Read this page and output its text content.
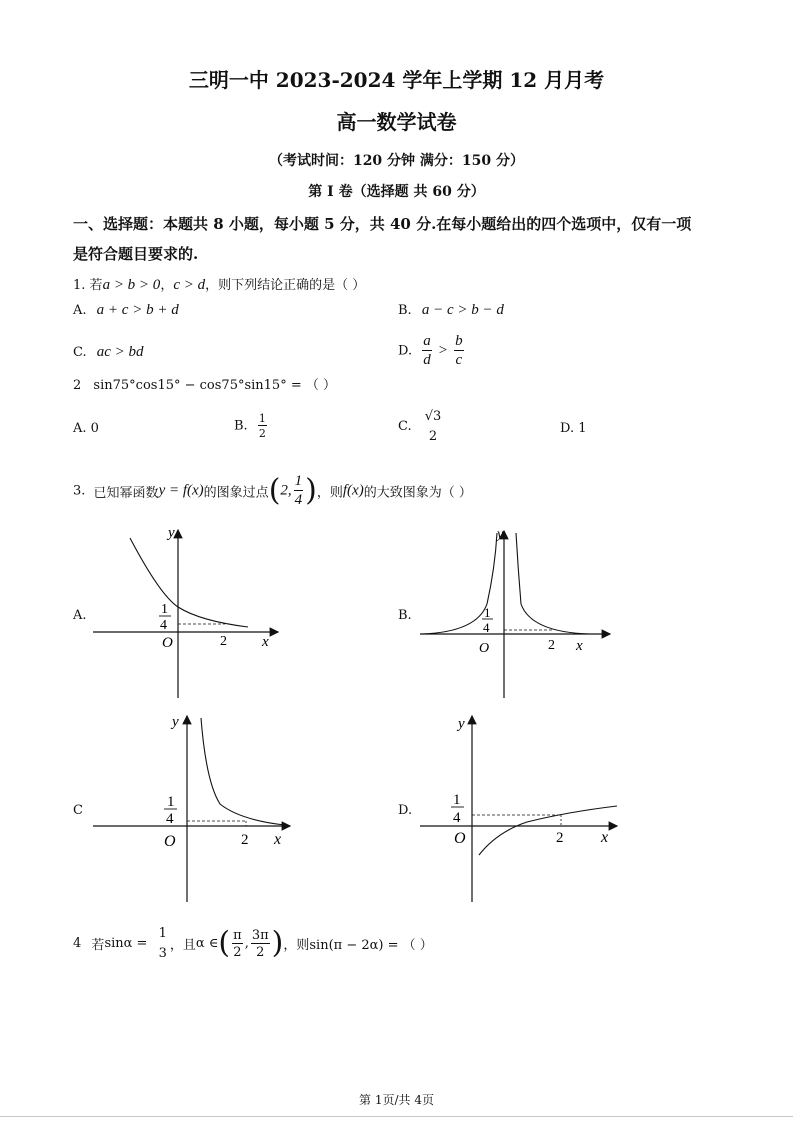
三明一中 2023-2024 学年上学期 12 月月考
高一数学试卷
（考试时间：120 分钟 满分：150 分）
第 I 卷（选择题 共 60 分）
一、选择题：本题共 8 小题，每小题 5 分，共 40 分.在每小题给出的四个选项中，仅有一项
是符合题目要求的.
1. 若a > b > 0，c > d，则下列结论正确的是（ ）
A. a + c > b + d	B. a − c > b − d
C. ac > bd	D. $\frac{a}{d} > \frac{b}{c}$
2 sin75°cos15° − cos75°sin15° = （ ）
A. 0	B. $\frac{1}{2}$	C.
√3
2
D. 1
3. 已知幂函数y = f(x)的图象过点(2, $\frac{1}{4}$ )，则f(x)的大致图象为（ ）
A.
y
x
O	2
1
4
B.
y
x
O	2
1
4
C
y
x
O	2
1
4
D.
y
x
O	2
1
4
4 若sinα =
1
3
，且α ∈( $\frac{\pi}{2}$ , $\frac{3\pi}{2}$ )，则sin(π − 2α) = （ ）
第 1页/共 4页
